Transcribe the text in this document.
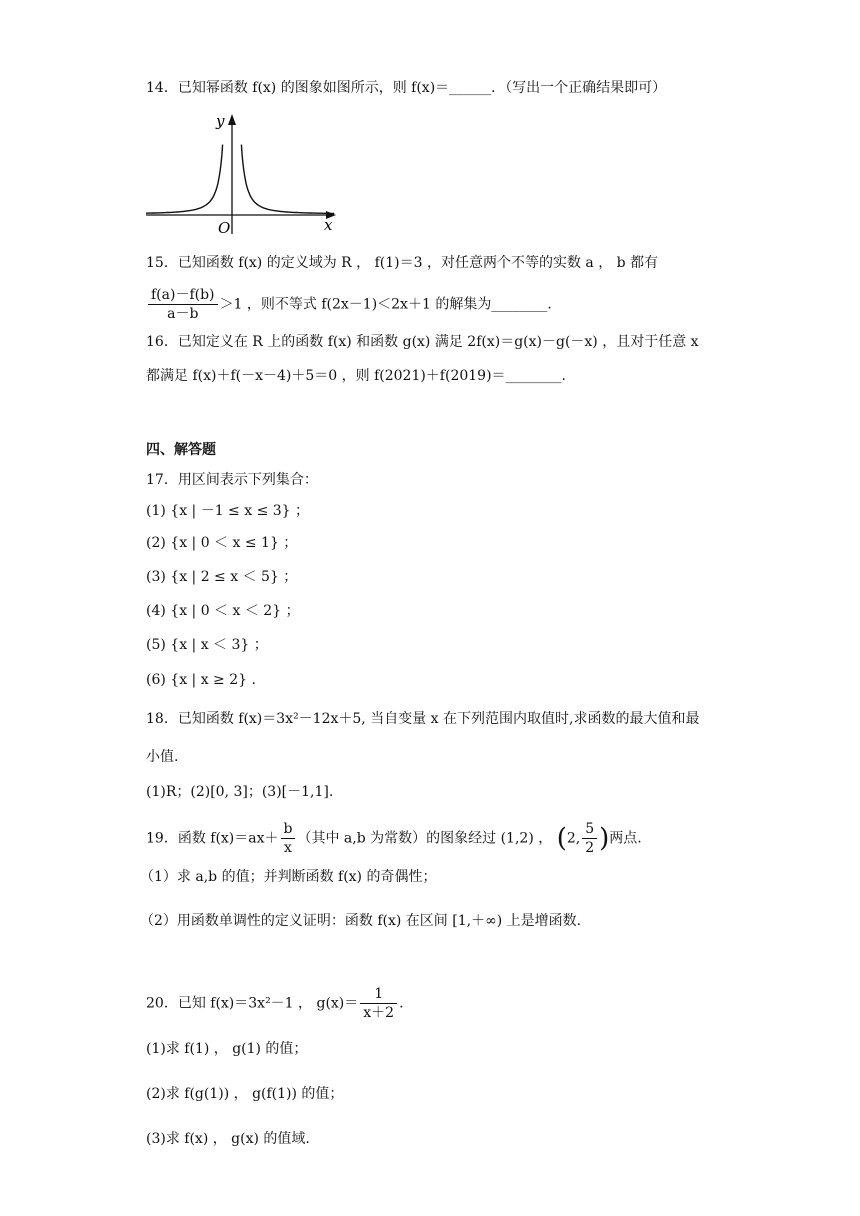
14．已知幂函数 f(x) 的图象如图所示，则 f(x)＝______．（写出一个正确结果即可）
y
x
O
15．已知函数 f(x) 的定义域为 R ， f(1)＝3 ，对任意两个不等的实数 a ， b 都有
$\frac{f(a)-f(b)}{a-b} >1$ ，则不等式 f(2x－1)＜2x＋1 的解集为________.
16．已知定义在 R 上的函数 f(x) 和函数 g(x) 满足 2f(x)＝g(x)－g(－x) ，且对于任意 x
都满足 f(x)＋f(－x－4)＋5＝0 ，则 f(2021)＋f(2019)＝________.
四、解答题
17．用区间表示下列集合：
(1) {x | －1 ≤ x ≤ 3} ；
(2) {x | 0 ＜ x ≤ 1} ；
(3) {x | 2 ≤ x ＜ 5} ；
(4) {x | 0 ＜ x ＜ 2} ；
(5) {x | x ＜ 3} ；
(6) {x | x ≥ 2} .
18．已知函数 f(x)＝3x²－12x＋5, 当自变量 x 在下列范围内取值时,求函数的最大值和最
小值.
(1)R；(2)[0, 3]；(3)[－1,1].
19．函数 $f(x)=ax+ \frac{b}{x}$ （其中 a,b 为常数）的图象经过 (1,2) ， (2, $\frac{5}{2}$ )两点.
（1）求 a,b 的值；并判断函数 f(x) 的奇偶性；
（2）用函数单调性的定义证明：函数 f(x) 在区间 [1,＋∞) 上是增函数.
20．已知 f(x)＝3x²－1 ， $g(x)= \frac{1}{x+2}$ .
(1)求 f(1) ， g(1) 的值；
(2)求 f(g(1)) ， g(f(1)) 的值；
(3)求 f(x) ， g(x) 的值域.
